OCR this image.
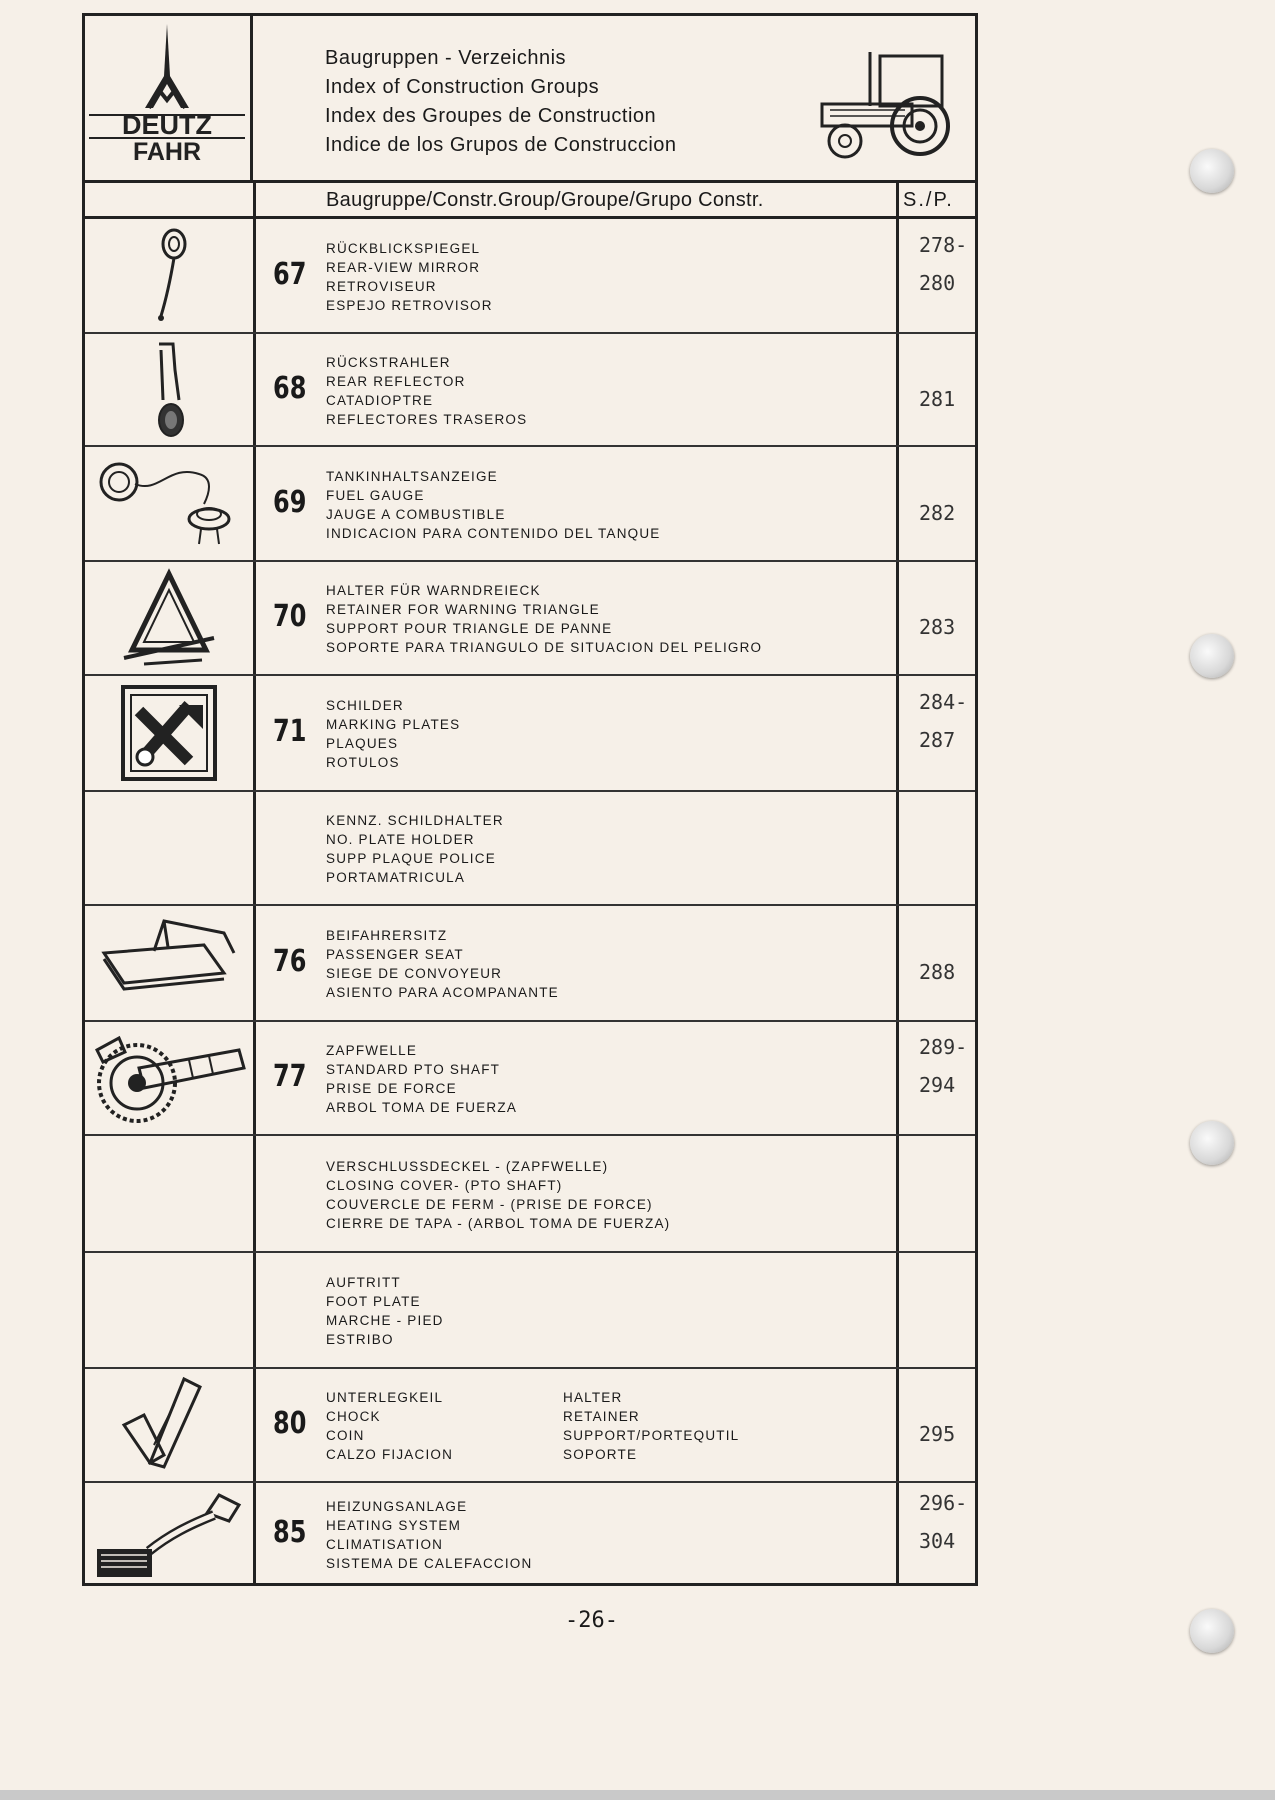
DEUTZ
FAHR
Baugruppen - Verzeichnis
Index of Construction Groups
Index des Groupes de Construction
Indice de los Grupos de Construccion
Baugruppe/Constr.Group/Groupe/Grupo Constr.	S./P.
67
RÜCKBLICKSPIEGEL
REAR-VIEW MIRROR
RETROVISEUR
ESPEJO RETROVISOR
278-
280
68
RÜCKSTRAHLER
REAR REFLECTOR
CATADIOPTRE
REFLECTORES TRASEROS
281
69
TANKINHALTSANZEIGE
FUEL GAUGE
JAUGE A COMBUSTIBLE
INDICACION PARA CONTENIDO DEL TANQUE
282
70
HALTER FÜR WARNDREIECK
RETAINER FOR WARNING TRIANGLE
SUPPORT POUR TRIANGLE DE PANNE
SOPORTE PARA TRIANGULO DE SITUACION DEL PELIGRO
283
71
SCHILDER
MARKING PLATES
PLAQUES
ROTULOS
284-
287
KENNZ. SCHILDHALTER
NO. PLATE HOLDER
SUPP PLAQUE POLICE
PORTAMATRICULA
76
BEIFAHRERSITZ
PASSENGER SEAT
SIEGE DE CONVOYEUR
ASIENTO PARA ACOMPANANTE
288
77
ZAPFWELLE
STANDARD PTO SHAFT
PRISE DE FORCE
ARBOL TOMA DE FUERZA
289-
294
VERSCHLUSSDECKEL - (ZAPFWELLE)
CLOSING COVER- (PTO SHAFT)
COUVERCLE DE FERM - (PRISE DE FORCE)
CIERRE DE TAPA - (ARBOL TOMA DE FUERZA)
AUFTRITT
FOOT PLATE
MARCHE - PIED
ESTRIBO
80
UNTERLEGKEIL
CHOCK
COIN
CALZO FIJACION
HALTER
RETAINER
SUPPORT/PORTEQUTIL
SOPORTE
295
85
HEIZUNGSANLAGE
HEATING SYSTEM
CLIMATISATION
SISTEMA DE CALEFACCION
296-
304
-26-
